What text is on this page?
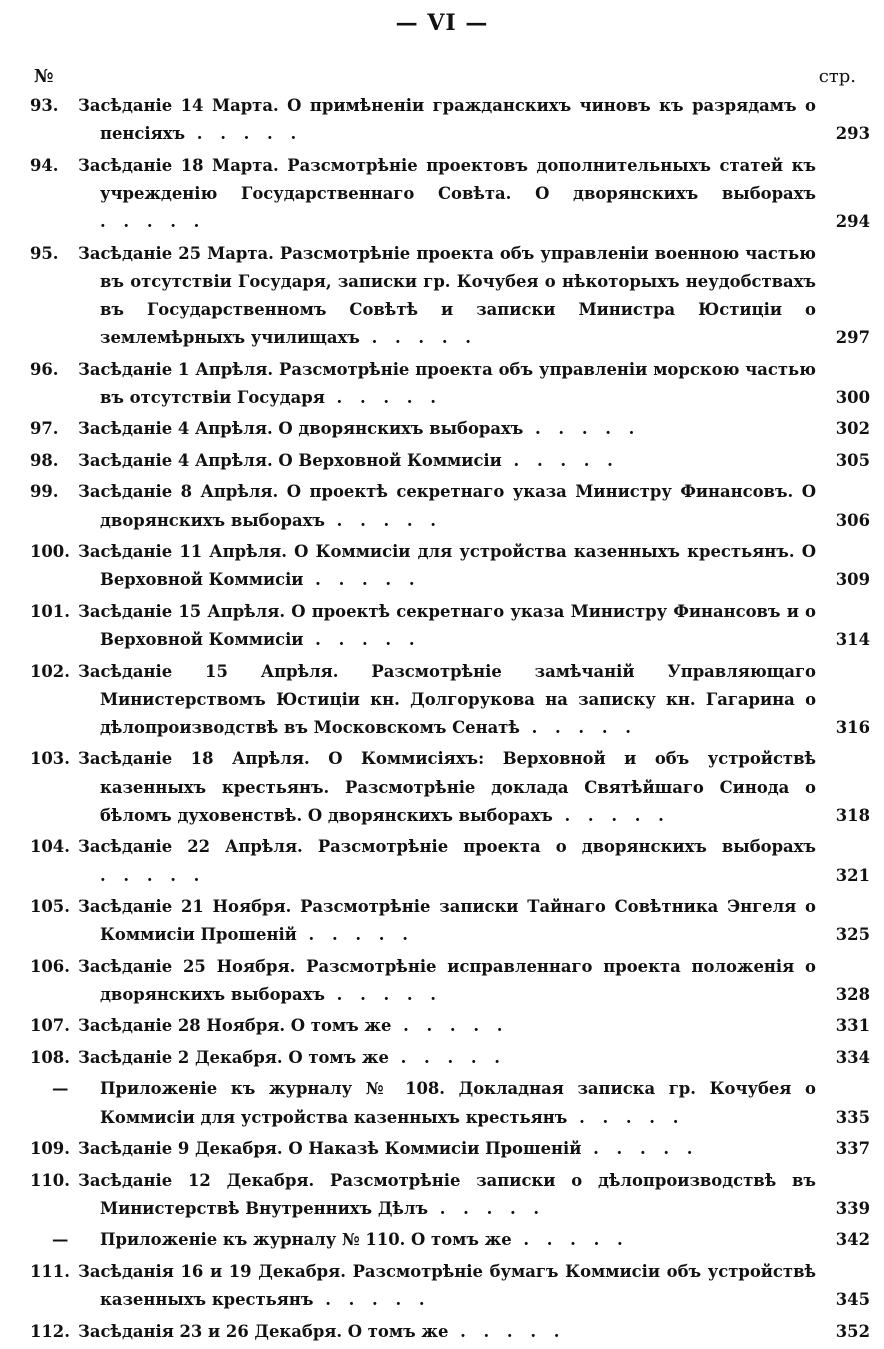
— VI —
№	стр.
93.	Засѣданіе 14 Марта. О примѣненіи гражданскихъ чиновъ къ разрядамъ о пенсіяхъ . . . . .	293
94.	Засѣданіе 18 Марта. Разсмотрѣніе проектовъ дополнительныхъ статей къ учрежденію Государственнаго Совѣта. О дворянскихъ выборахъ . . . . .	294
95.	Засѣданіе 25 Марта. Разсмотрѣніе проекта объ управленіи военною частью въ отсутствіи Государя, записки гр. Кочубея о нѣкоторыхъ неудобствахъ въ Государственномъ Совѣтѣ и записки Министра Юстиціи о землемѣрныхъ училищахъ . . . . .	297
96.	Засѣданіе 1 Апрѣля. Разсмотрѣніе проекта объ управленіи морскою частью въ отсутствіи Государя . . . . .	300
97.	Засѣданіе 4 Апрѣля. О дворянскихъ выборахъ . . . . .	302
98.	Засѣданіе 4 Апрѣля. О Верховной Коммисіи . . . . .	305
99.	Засѣданіе 8 Апрѣля. О проектѣ секретнаго указа Министру Финансовъ. О дворянскихъ выборахъ . . . . .	306
100. Засѣданіе 11 Апрѣля. О Коммисіи для устройства казенныхъ крестьянъ. О Верховной Коммисіи . . . . .	309
101. Засѣданіе 15 Апрѣля. О проектѣ секретнаго указа Министру Финансовъ и о Верховной Коммисіи . . . . .	314
102. Засѣданіе 15 Апрѣля. Разсмотрѣніе замѣчаній Управляющаго Министерствомъ Юстиціи кн. Долгорукова на записку кн. Гагарина о дѣлопроизводствѣ въ Московскомъ Сенатѣ . . . . .	316
103. Засѣданіе 18 Апрѣля. О Коммисіяхъ: Верховной и объ устройствѣ казенныхъ крестьянъ. Разсмотрѣніе доклада Святѣйшаго Синода о бѣломъ духовенствѣ. О дворянскихъ выборахъ . . . . .	318
104. Засѣданіе 22 Апрѣля. Разсмотрѣніе проекта о дворянскихъ выборахъ . . . . .	321
105. Засѣданіе 21 Ноября. Разсмотрѣніе записки Тайнаго Совѣтника Энгеля о Коммисіи Прошеній . . . . .	325
106. Засѣданіе 25 Ноября. Разсмотрѣніе исправленнаго проекта положенія о дворянскихъ выборахъ . . . . .	328
107. Засѣданіе 28 Ноября. О томъ же . . . . .	331
108. Засѣданіе 2 Декабря. О томъ же . . . . .	334
—	Приложеніе къ журналу № 108. Докладная записка гр. Кочубея о Коммисіи для устройства казенныхъ крестьянъ . . . . .	335
109. Засѣданіе 9 Декабря. О Наказѣ Коммисіи Прошеній . . . . .	337
110. Засѣданіе 12 Декабря. Разсмотрѣніе записки о дѣлопроизводствѣ въ Министерствѣ Внутреннихъ Дѣлъ . . . . .	339
—	Приложеніе къ журналу № 110. О томъ же . . . . .	342
111. Засѣданія 16 и 19 Декабря. Разсмотрѣніе бумагъ Коммисіи объ устройствѣ казенныхъ крестьянъ . . . . .	345
112. Засѣданія 23 и 26 Декабря. О томъ же . . . . .	352
